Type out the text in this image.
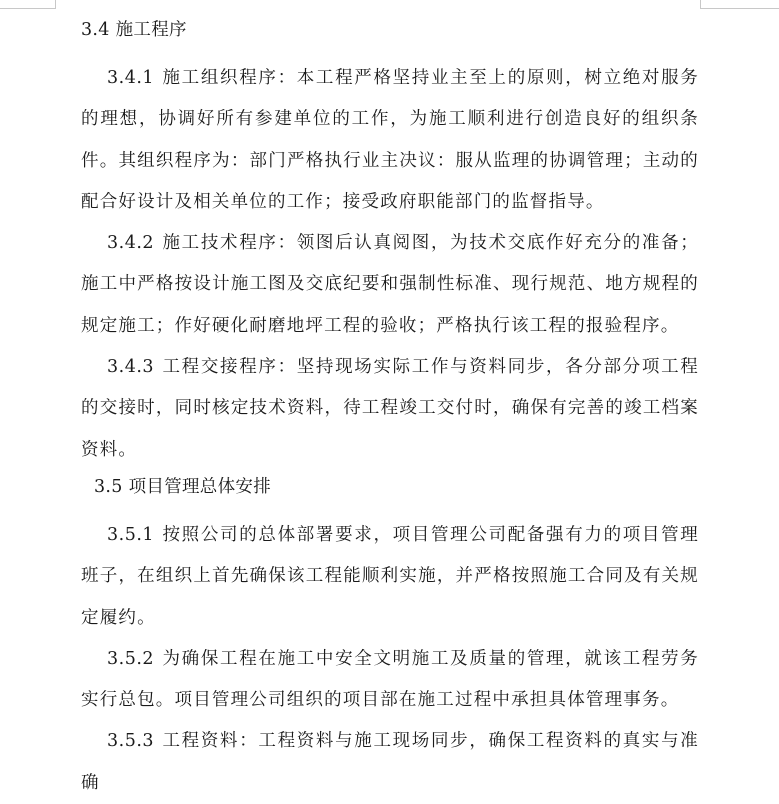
3.4 施工程序

3.4.1 施工组织程序：本工程严格坚持业主至上的原则，树立绝对服务的理想，协调好所有参建单位的工作，为施工顺利进行创造良好的组织条件。其组织程序为：部门严格执行业主决议：服从监理的协调管理；主动的配合好设计及相关单位的工作；接受政府职能部门的监督指导。

3.4.2 施工技术程序：领图后认真阅图，为技术交底作好充分的准备；施工中严格按设计施工图及交底纪要和强制性标准、现行规范、地方规程的规定施工；作好硬化耐磨地坪工程的验收；严格执行该工程的报验程序。

3.4.3 工程交接程序：坚持现场实际工作与资料同步，各分部分项工程的交接时，同时核定技术资料，待工程竣工交付时，确保有完善的竣工档案资料。

3.5 项目管理总体安排

3.5.1 按照公司的总体部署要求，项目管理公司配备强有力的项目管理班子，在组织上首先确保该工程能顺利实施，并严格按照施工合同及有关规定履约。

3.5.2 为确保工程在施工中安全文明施工及质量的管理，就该工程劳务实行总包。项目管理公司组织的项目部在施工过程中承担具体管理事务。

3.5.3 工程资料：工程资料与施工现场同步，确保工程资料的真实与准确
